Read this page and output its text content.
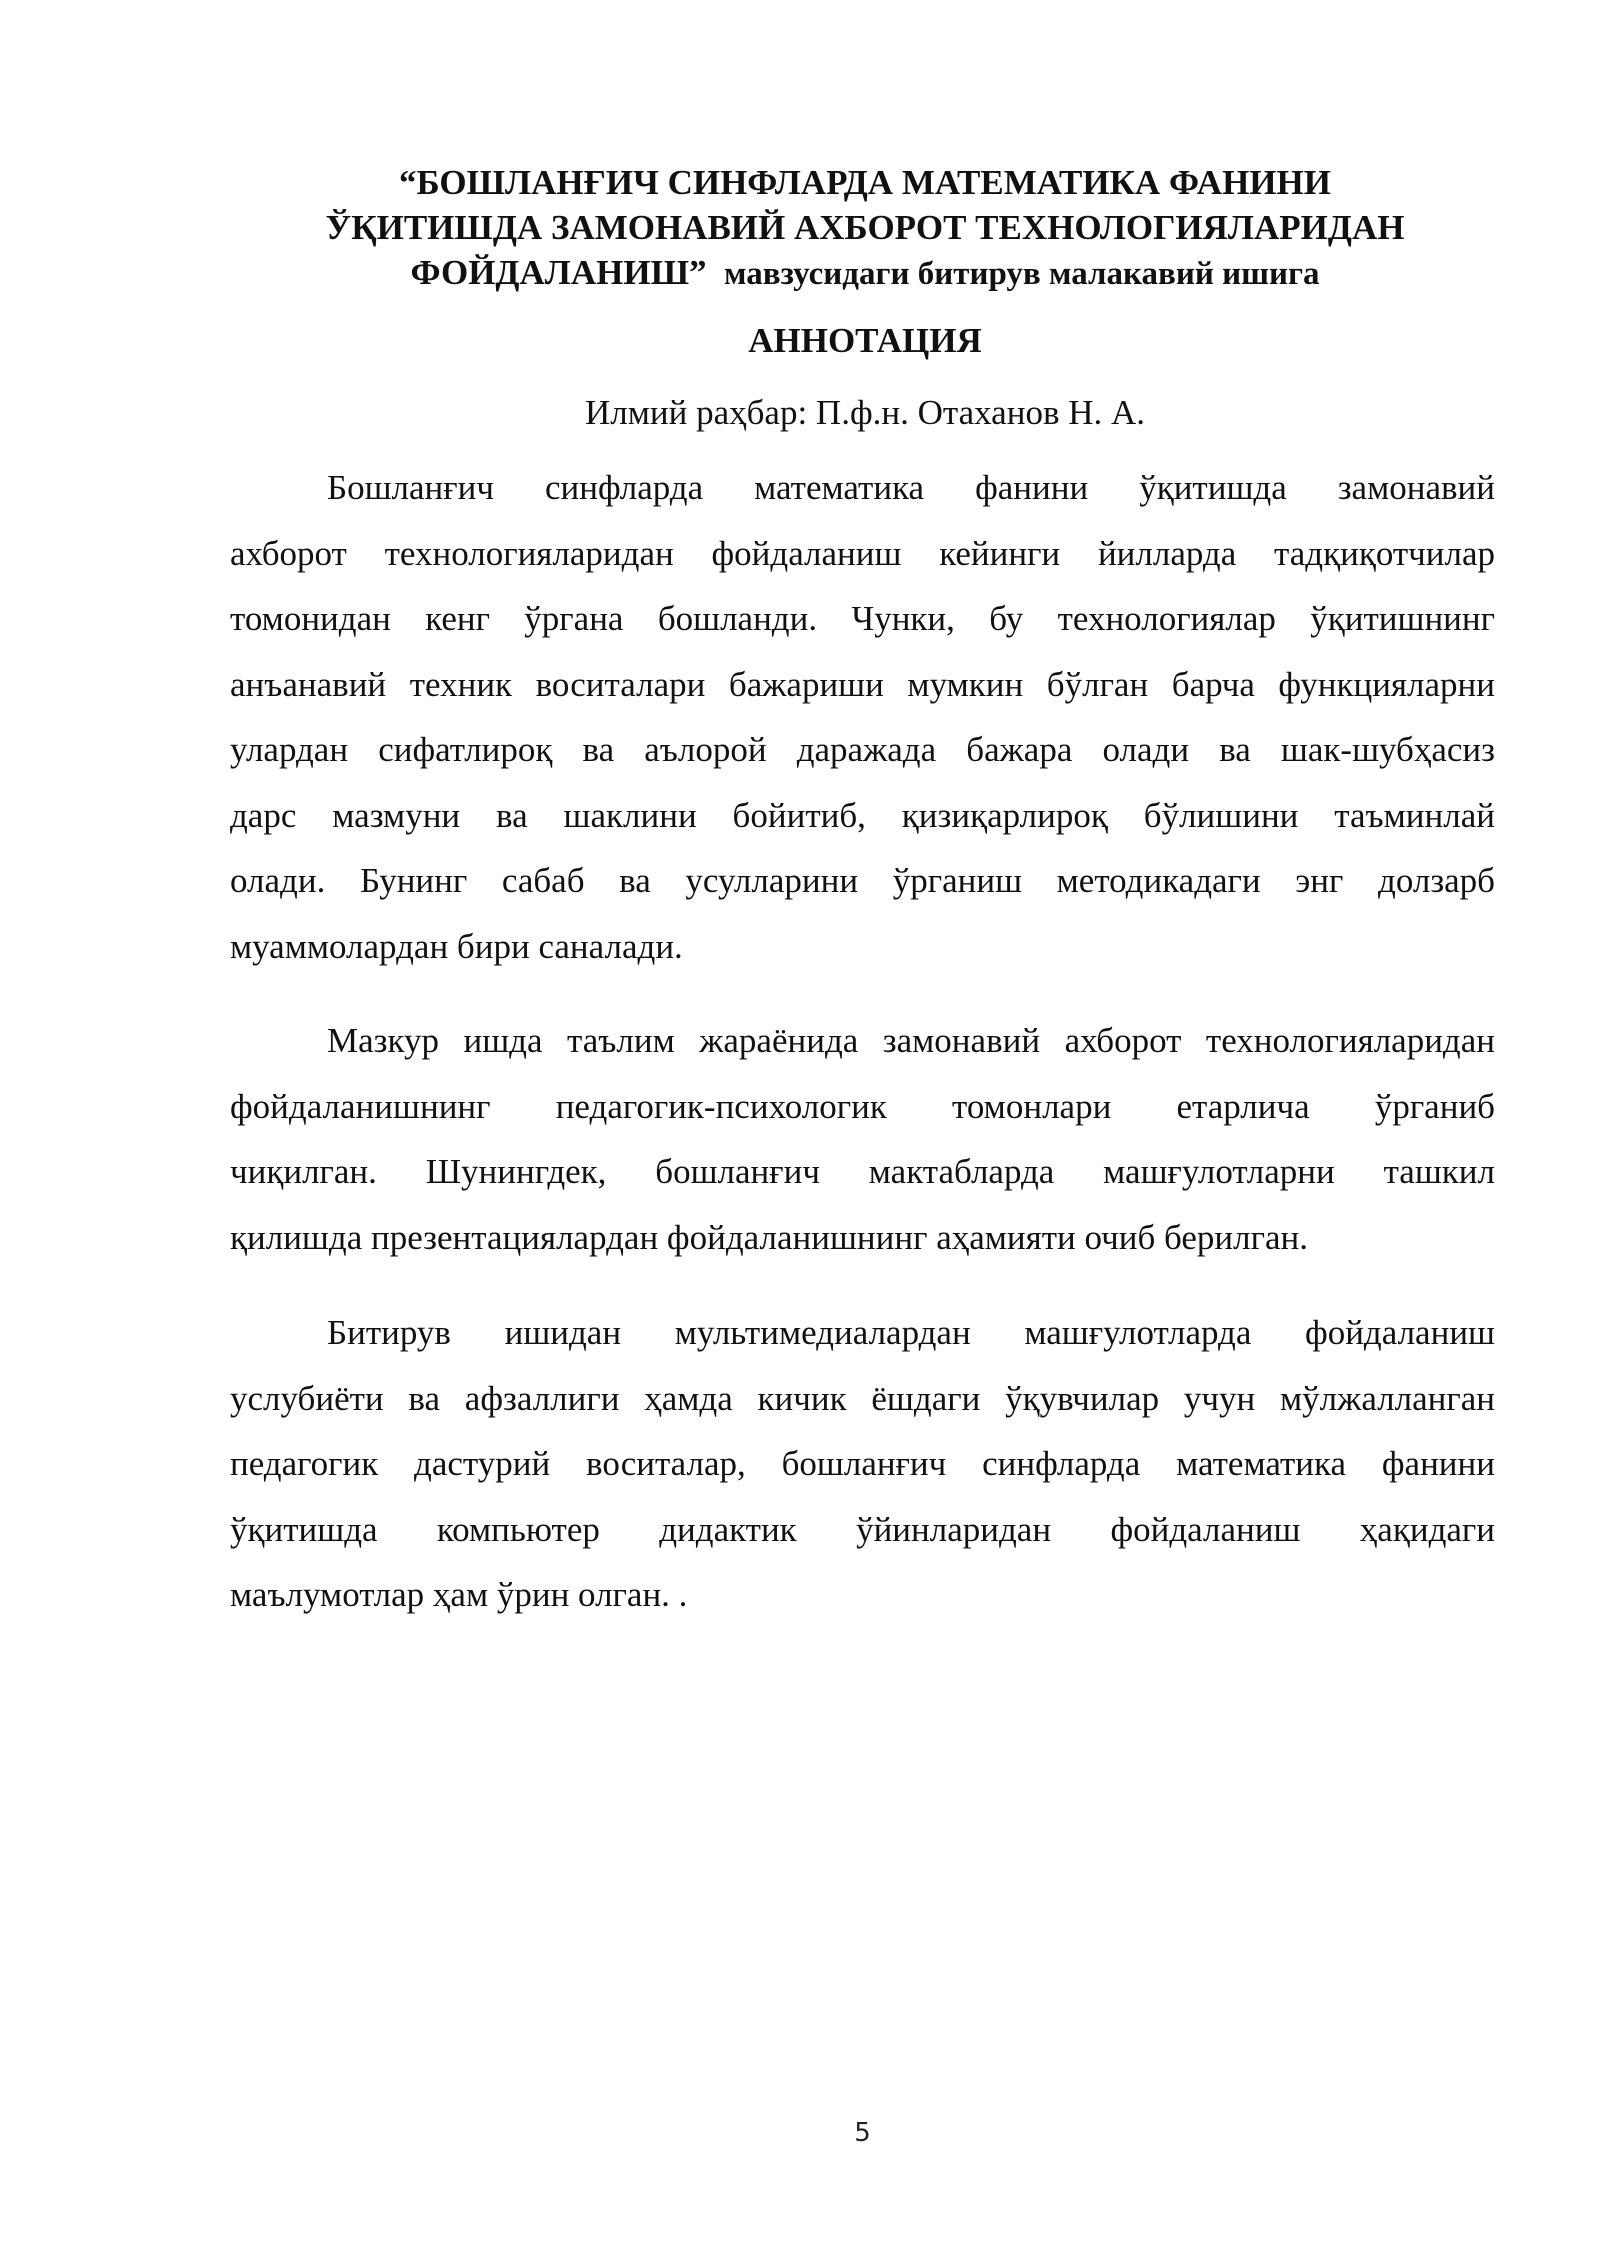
“БОШЛАНҒИЧ СИНФЛАРДА МАТЕМАТИКА ФАНИНИ
ЎҚИТИШДА ЗАМОНАВИЙ АХБОРОТ ТЕХНОЛОГИЯЛАРИДАН
ФОЙДАЛАНИШ” мавзусидаги битирув малакавий ишига
АННОТАЦИЯ
Илмий раҳбар: П.ф.н. Отаханов Н. А.
Бошланғич синфларда математика фанини ўқитишда замонавий
ахборот технологияларидан фойдаланиш кейинги йилларда тадқиқотчилар
томонидан кенг ўргана бошланди. Чунки, бу технологиялар ўқитишнинг
анъанавий техник воситалари бажариши мумкин бўлган барча функцияларни
улардан сифатлироқ ва аълорой даражада бажара олади ва шак-шубҳасиз
дарс мазмуни ва шаклини бойитиб, қизиқарлироқ бўлишини таъминлай
олади. Бунинг сабаб ва усулларини ўрганиш методикадаги энг долзарб
муаммолардан бири саналади.
Мазкур ишда таълим жараёнида замонавий ахборот технологияларидан
фойдаланишнинг педагогик-психологик томонлари етарлича ўрганиб
чиқилган. Шунингдек, бошланғич мактабларда машғулотларни ташкил
қилишда презентациялардан фойдаланишнинг аҳамияти очиб берилган.
Битирув ишидан мультимедиалардан машғулотларда фойдаланиш
услубиёти ва афзаллиги ҳамда кичик ёшдаги ўқувчилар учун мўлжалланган
педагогик дастурий воситалар, бошланғич синфларда математика фанини
ўқитишда компьютер дидактик ўйинларидан фойдаланиш ҳақидаги
маълумотлар ҳам ўрин олган. .
5
